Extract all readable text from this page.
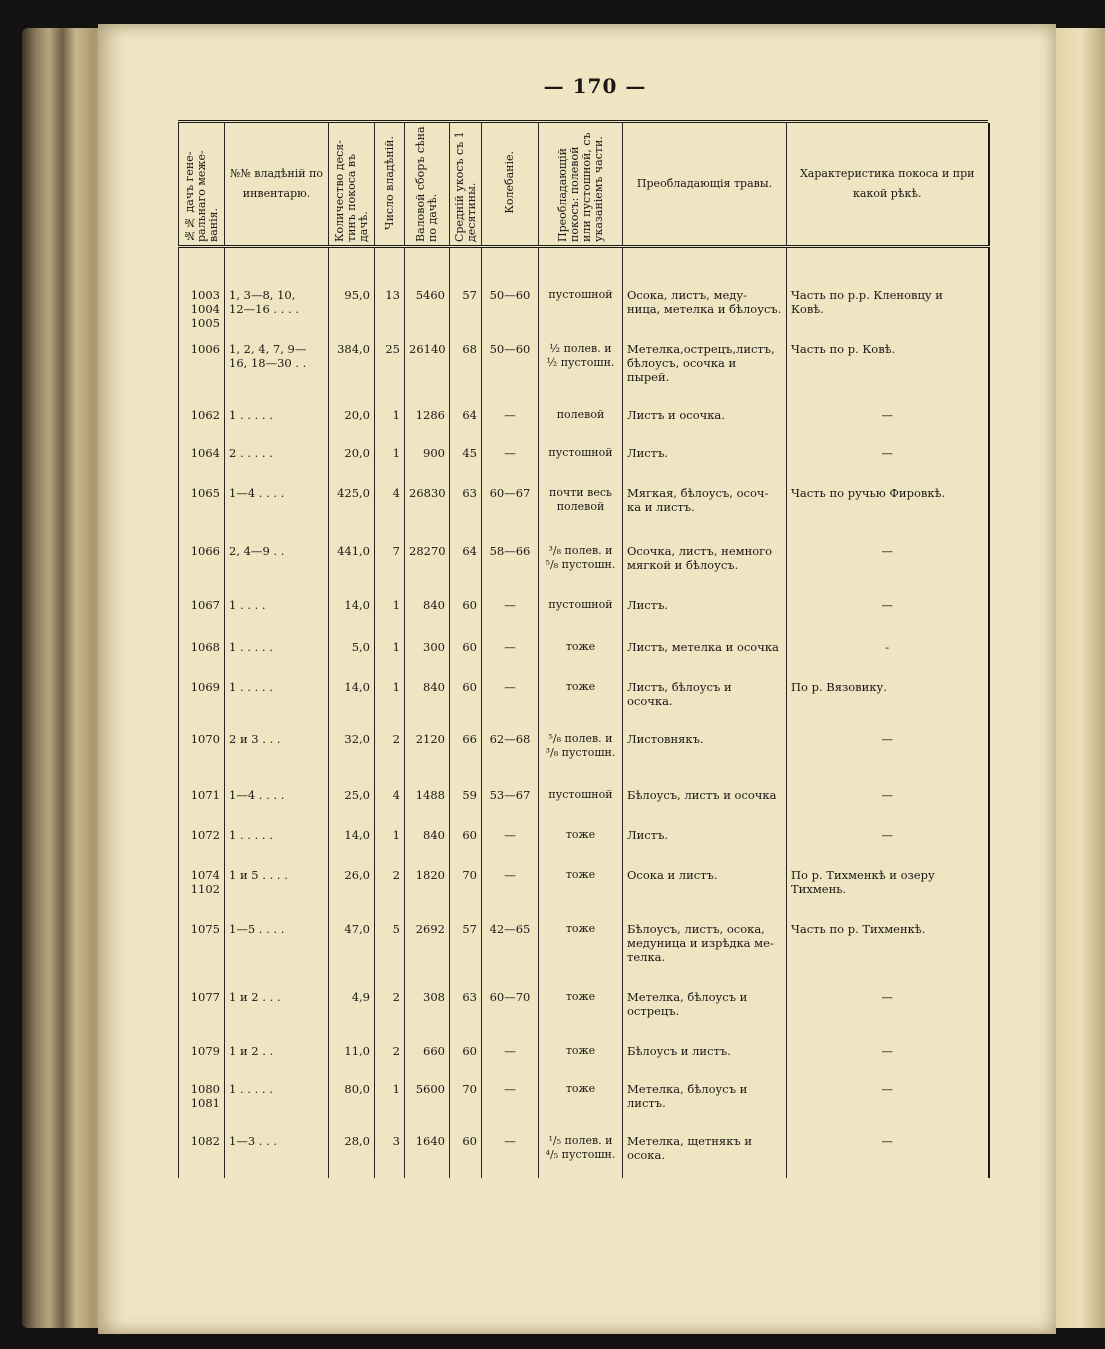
— 170 —
№№ дачъ гене- ральнаго меже- ванія.	№№ владѣній по инвентарю.	Количество деся- тинъ покоса въ дачѣ.	Число владѣній.	Валовой сборъ сѣна по дачѣ.	Средній укосъ съ 1 десятины.	Колебаніе.	Преобладающій покосъ: полевой или пустошной, съ указаніемъ части.	Преобладающія травы.	Характеристика покоса и при какой рѣкѣ.

1003
1004
1005	1, 3—8, 10,
12—16 . . . .	95,0	13	5460	57	50—60	пустошной	Осока, листъ, меду-
ница, метелка и бѣлоусъ.	Часть по р.р. Кленовцу и
Ковѣ.
1006	1, 2, 4, 7, 9—
16, 18—30 . .	384,0	25	26140	68	50—60	½ полев. и
½ пустошн.	Метелка,острецъ,листъ,
бѣлоусъ, осочка и пырей.	Часть по р. Ковѣ.
1062	1 . . . . .	20,0	1	1286	64	—	полевой	Листъ и осочка.	—
1064	2 . . . . .	20,0	1	900	45	—	пустошной	Листъ.	—
1065	1—4 . . . .	425,0	4	26830	63	60—67	почти весь
полевой	Мягкая, бѣлоусъ, осоч-
ка и листъ.	Часть по ручью Фировкѣ.
1066	2, 4—9 . .	441,0	7	28270	64	58—66	³/₈ полев. и
⁵/₈ пустошн.	Осочка, листъ, немного
мягкой и бѣлоусъ.	—
1067	1 . . . .	14,0	1	840	60	—	пустошной	Листъ.	—
1068	1 . . . . .	5,0	1	300	60	—	тоже	Листъ, метелка и осочка	-
1069	1 . . . . .	14,0	1	840	60	—	тоже	Листъ, бѣлоусъ и
осочка.	По р. Вязовику.
1070	2 и 3 . . .	32,0	2	2120	66	62—68	⁵/₈ полев. и
³/₈ пустошн.	Листовнякъ.	—
1071	1—4 . . . .	25,0	4	1488	59	53—67	пустошной	Бѣлоусъ, листъ и осочка	—
1072	1 . . . . .	14,0	1	840	60	—	тоже	Листъ.	—
1074
1102	1 и 5 . . . .	26,0	2	1820	70	—	тоже	Осока и листъ.	По р. Тихменкѣ и озеру
Тихмень.
1075	1—5 . . . .	47,0	5	2692	57	42—65	тоже	Бѣлоусъ, листъ, осока,
медуница и изрѣдка ме-
телка.	Часть по р. Тихменкѣ.
1077	1 и 2 . . .	4,9	2	308	63	60—70	тоже	Метелка, бѣлоусъ и
острецъ.	—
1079	1 и 2 . .	11,0	2	660	60	—	тоже	Бѣлоусъ и листъ.	—
1080
1081	1 . . . . .	80,0	1	5600	70	—	тоже	Метелка, бѣлоусъ и
листъ.	—
1082	1—3 . . .	28,0	3	1640	60	—	¹/₅ полев. и
⁴/₅ пустошн.	Метелка, щетнякъ и
осока.	—
